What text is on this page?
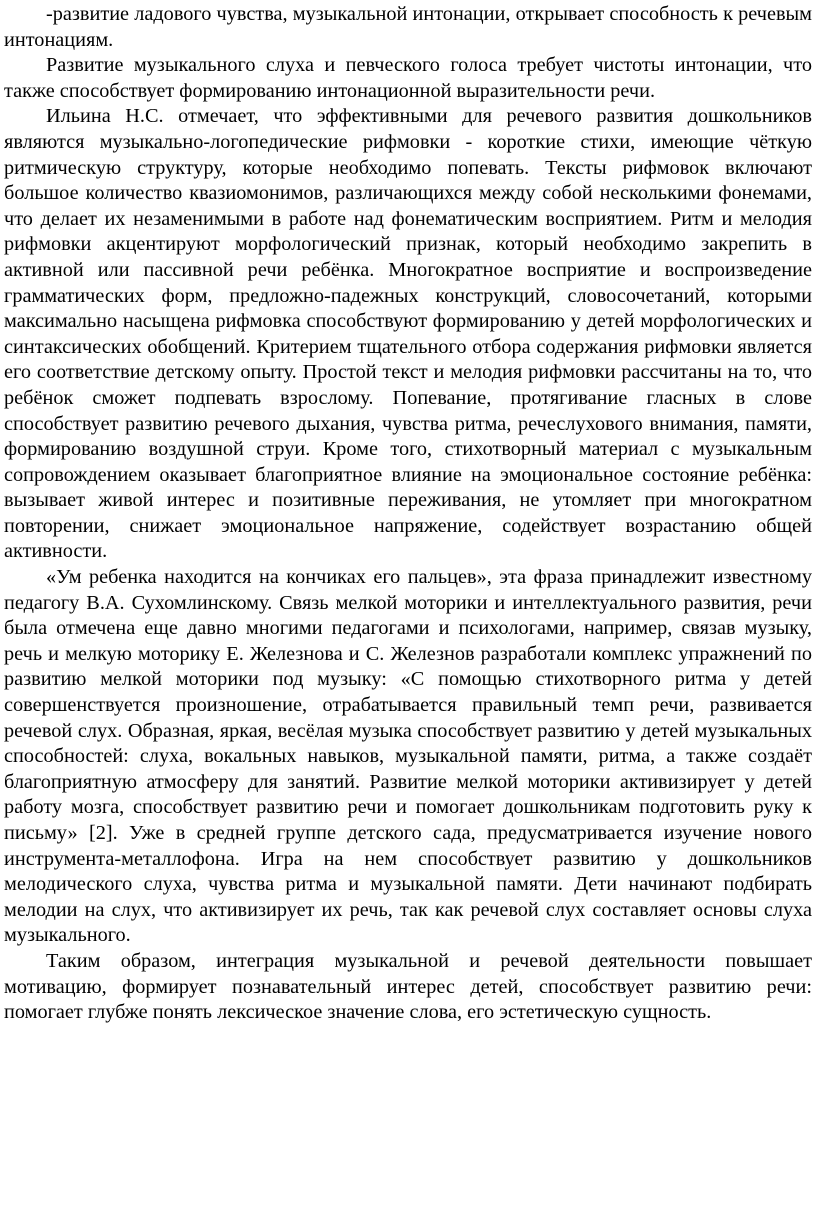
-развитие ладового чувства, музыкальной интонации, открывает способность к речевым интонациям.

Развитие музыкального слуха и певческого голоса требует чистоты интонации, что также способствует формированию интонационной выразительности речи.

Ильина Н.С. отмечает, что эффективными для речевого развития дошкольников являются музыкально-логопедические рифмовки - короткие стихи, имеющие чёткую ритмическую структуру, которые необходимо попевать. Тексты рифмовок включают большое количество квазиомонимов, различающихся между собой несколькими фонемами, что делает их незаменимыми в работе над фонематическим восприятием. Ритм и мелодия рифмовки акцентируют морфологический признак, который необходимо закрепить в активной или пассивной речи ребёнка. Многократное восприятие и воспроизведение грамматических форм, предложно-падежных конструкций, словосочетаний, которыми максимально насыщена рифмовка способствуют формированию у детей морфологических и синтаксических обобщений. Критерием тщательного отбора содержания рифмовки является его соответствие детскому опыту. Простой текст и мелодия рифмовки рассчитаны на то, что ребёнок сможет подпевать взрослому. Попевание, протягивание гласных в слове способствует развитию речевого дыхания, чувства ритма, речеслухового внимания, памяти, формированию воздушной струи. Кроме того, стихотворный материал с музыкальным сопровождением оказывает благоприятное влияние на эмоциональное состояние ребёнка: вызывает живой интерес и позитивные переживания, не утомляет при многократном повторении, снижает эмоциональное напряжение, содействует возрастанию общей активности.

«Ум ребенка находится на кончиках его пальцев», эта фраза принадлежит известному педагогу В.А. Сухомлинскому. Связь мелкой моторики и интеллектуального развития, речи была отмечена еще давно многими педагогами и психологами, например, связав музыку, речь и мелкую моторику Е. Железнова и С. Железнов разработали комплекс упражнений по развитию мелкой моторики под музыку: «С помощью стихотворного ритма у детей совершенствуется произношение, отрабатывается правильный темп речи, развивается речевой слух. Образная, яркая, весёлая музыка способствует развитию у детей музыкальных способностей: слуха, вокальных навыков, музыкальной памяти, ритма, а также создаёт благоприятную атмосферу для занятий. Развитие мелкой моторики активизирует у детей работу мозга, способствует развитию речи и помогает дошкольникам подготовить руку к письму» [2]. Уже в средней группе детского сада, предусматривается изучение нового инструмента-металлофона. Игра на нем способствует развитию у дошкольников мелодического слуха, чувства ритма и музыкальной памяти. Дети начинают подбирать мелодии на слух, что активизирует их речь, так как речевой слух составляет основы слуха музыкального.

Таким образом, интеграция музыкальной и речевой деятельности повышает мотивацию, формирует познавательный интерес детей, способствует развитию речи: помогает глубже понять лексическое значение слова, его эстетическую сущность.
